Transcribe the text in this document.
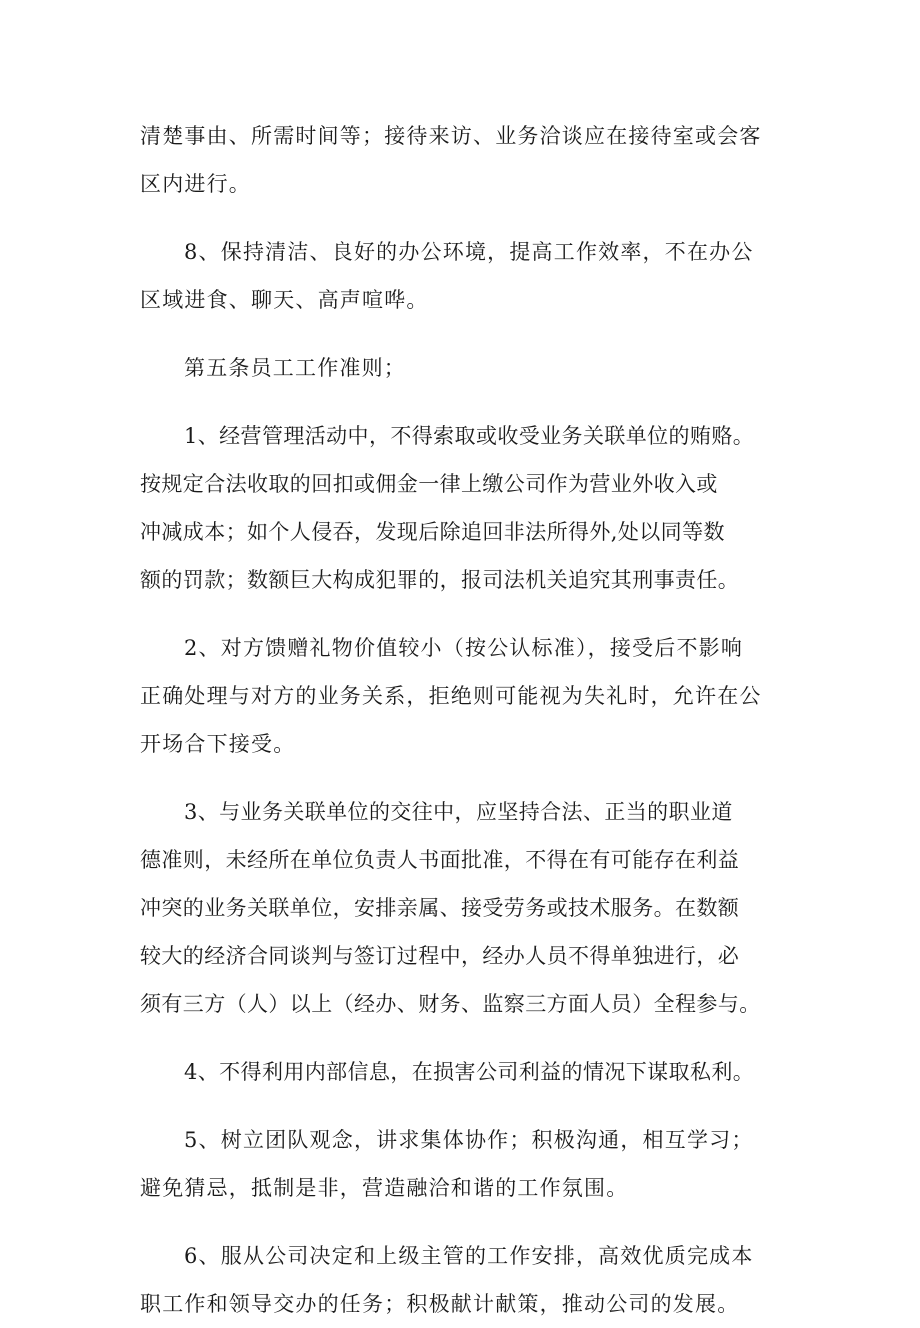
清楚事由、所需时间等；接待来访、业务洽谈应在接待室或会客
区内进行。
8、保持清洁、良好的办公环境，提高工作效率，不在办公
区域进食、聊天、高声喧哗。
第五条员工工作准则；
1、经营管理活动中，不得索取或收受业务关联单位的贿赂。
按规定合法收取的回扣或佣金一律上缴公司作为营业外收入或
冲减成本；如个人侵吞，发现后除追回非法所得外,处以同等数
额的罚款；数额巨大构成犯罪的，报司法机关追究其刑事责任。
2、对方馈赠礼物价值较小（按公认标准），接受后不影响
正确处理与对方的业务关系，拒绝则可能视为失礼时，允许在公
开场合下接受。
3、与业务关联单位的交往中，应坚持合法、正当的职业道
德准则，未经所在单位负责人书面批准，不得在有可能存在利益
冲突的业务关联单位，安排亲属、接受劳务或技术服务。在数额
较大的经济合同谈判与签订过程中，经办人员不得单独进行，必
须有三方（人）以上（经办、财务、监察三方面人员）全程参与。
4、不得利用内部信息，在损害公司利益的情况下谋取私利。
5、树立团队观念，讲求集体协作；积极沟通，相互学习；
避免猜忌，抵制是非，营造融洽和谐的工作氛围。
6、服从公司决定和上级主管的工作安排，高效优质完成本
职工作和领导交办的任务；积极献计献策，推动公司的发展。
